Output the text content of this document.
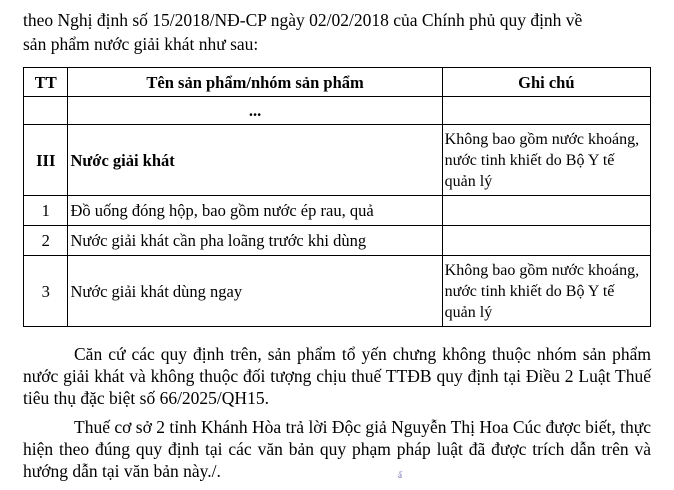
theo Nghị định số 15/2018/NĐ-CP ngày 02/02/2018 của Chính phủ quy định về

sản phẩm nước giải khát như sau:

TT	Tên sản phẩm/nhóm sản phẩm	Ghi chú
	...	
III	Nước giải khát	Không bao gồm nước khoáng, nước tinh khiết do Bộ Y tế quản lý
1	Đồ uống đóng hộp, bao gồm nước ép rau, quả	
2	Nước giải khát cần pha loãng trước khi dùng	
3	Nước giải khát dùng ngay	Không bao gồm nước khoáng, nước tinh khiết do Bộ Y tế quản lý

Căn cứ các quy định trên, sản phẩm tổ yến chưng không thuộc nhóm sản phẩm nước giải khát và không thuộc đối tượng chịu thuế TTĐB quy định tại Điều 2 Luật Thuế tiêu thụ đặc biệt số 66/2025/QH15.

Thuế cơ sở 2 tỉnh Khánh Hòa trả lời Độc giả Nguyễn Thị Hoa Cúc được biết, thực hiện theo đúng quy định tại các văn bản quy phạm pháp luật đã được trích dẫn trên và hướng dẫn tại văn bản này./.	ấ
